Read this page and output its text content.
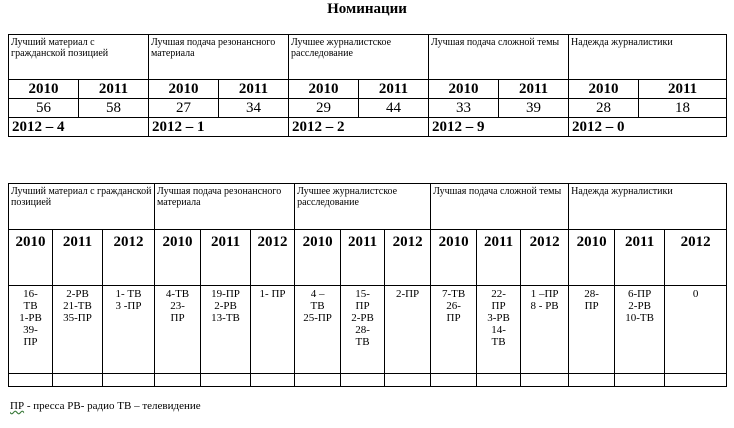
Номинации
Лучший материал с гражданской позицией		Лучшая подача резонансного материала		Лучшее журналистское расследование		Лучшая подача сложной темы		Надежда журналистики	
2010	2011	2010	2011	2010	2011	2010	2011	2010	2011
56	58	27	34	29	44	33	39	28	18
2012 – 4		2012 – 1		2012 – 2		2012 – 9		2012 – 0	
Лучший материал с гражданской позицией			Лучшая подача резонансного материала			Лучшее журналистское расследование			Лучшая подача сложной темы			Надежда журналистики		
2010	2011	2012	2010	2011	2012	2010	2011	2012	2010	2011	2012	2010	2011	2012
16-
ТВ
1-РВ
39-
ПР	2-РВ
21-ТВ
35-ПР	1- ТВ
3 -ПР	4-ТВ
23-
ПР	19-ПР
2-РВ
13-ТВ	1- ПР	4 –
ТВ
25-ПР	15-
ПР
2-РВ
28-
ТВ	2-ПР	7-ТВ
26-
ПР	22-
ПР
3-РВ
14-
ТВ	1 –ПР
8 - РВ	28-
ПР	6-ПР
2-РВ
10-ТВ	0

ПР - пресса РВ- радио ТВ – телевидение
